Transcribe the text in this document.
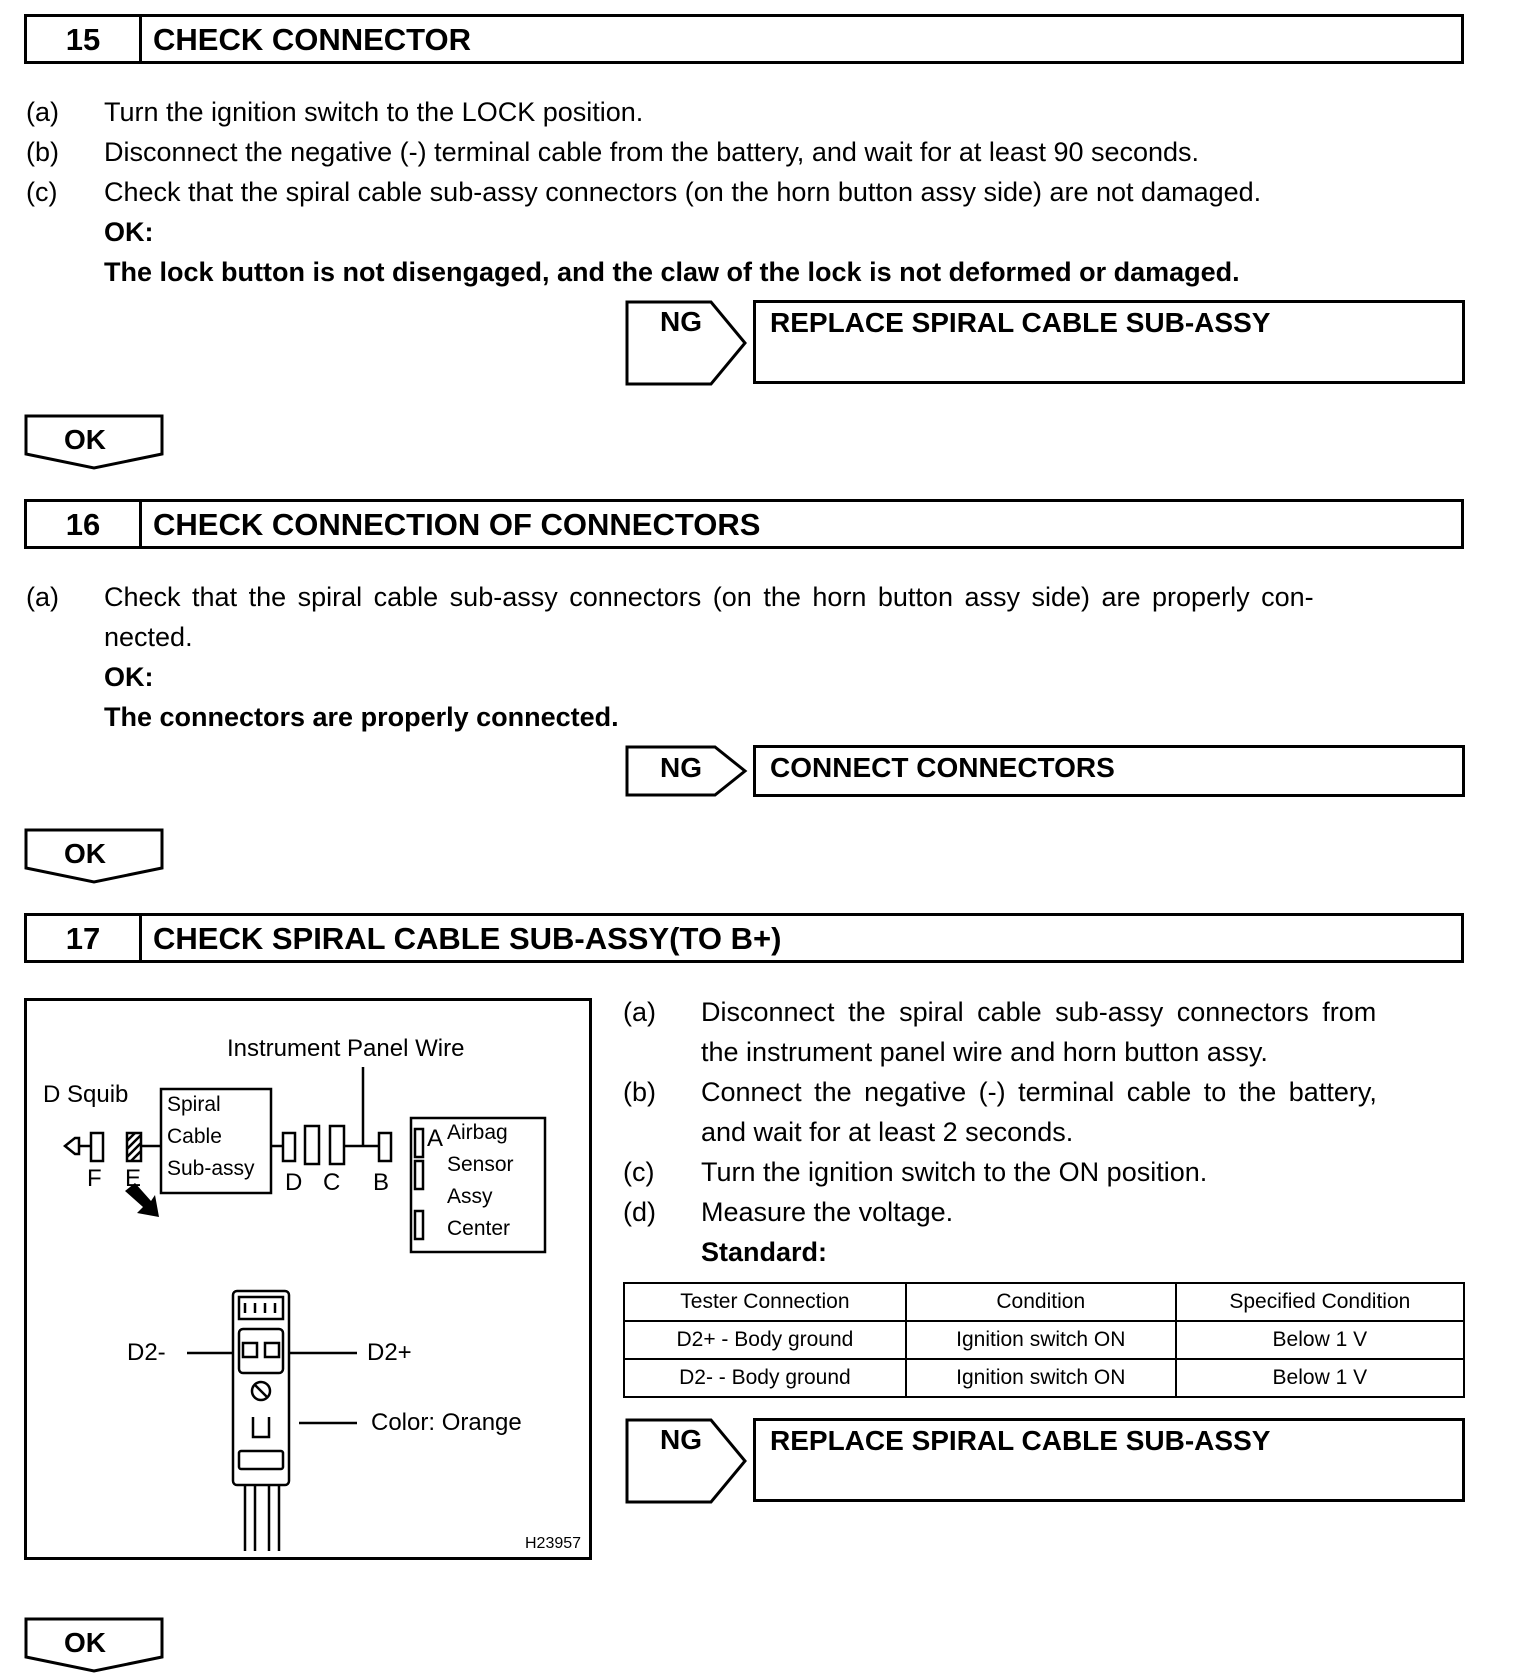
15	CHECK CONNECTOR
(a) Turn the ignition switch to the LOCK position.
(b) Disconnect the negative (-) terminal cable from the battery, and wait for at least 90 seconds.
(c) Check that the spiral cable sub-assy connectors (on the horn button assy side) are not damaged.
OK:
The lock button is not disengaged, and the claw of the lock is not deformed or damaged.
NG REPLACE SPIRAL CABLE SUB-ASSY
OK
16	CHECK CONNECTION OF CONNECTORS
(a) Check that the spiral cable sub-assy connectors (on the horn button assy side) are properly con-
nected.
OK:
The connectors are properly connected.
NG CONNECT CONNECTORS
OK
17	CHECK SPIRAL CABLE SUB-ASSY(TO B+)
Instrument Panel Wire
D Squib Spiral
Cable
Sub-assy
A Airbag
Sensor
Assy
Center
F E	D C B
D2-	D2+
Color: Orange
H23957
(a) Disconnect the spiral cable sub-assy connectors from
the instrument panel wire and horn button assy.
(b) Connect the negative (-) terminal cable to the battery,
and wait for at least 2 seconds.
(c) Turn the ignition switch to the ON position.
(d) Measure the voltage.
Standard:
Tester Connection	Condition	Specified Condition
D2+ - Body ground	Ignition switch ON	Below 1 V
D2- - Body ground	Ignition switch ON	Below 1 V
NG REPLACE SPIRAL CABLE SUB-ASSY
OK
